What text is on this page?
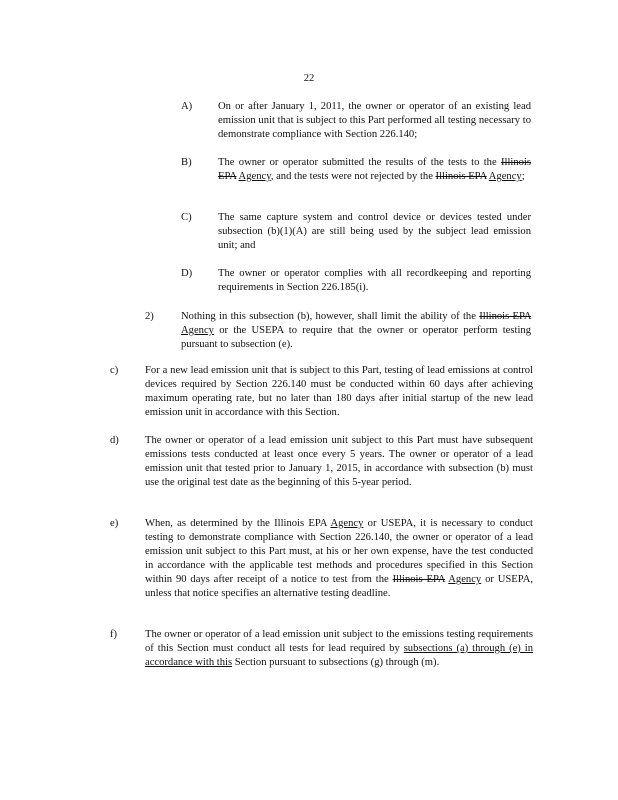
22
A) On or after January 1, 2011, the owner or operator of an existing lead emission unit that is subject to this Part performed all testing necessary to demonstrate compliance with Section 226.140;
B) The owner or operator submitted the results of the tests to the Illinois EPA Agency, and the tests were not rejected by the Illinois EPA Agency;
C) The same capture system and control device or devices tested under subsection (b)(1)(A) are still being used by the subject lead emission unit; and
D) The owner or operator complies with all recordkeeping and reporting requirements in Section 226.185(i).
2)	Nothing in this subsection (b), however, shall limit the ability of the Illinois EPA Agency or the USEPA to require that the owner or operator perform testing pursuant to subsection (e).
c)	For a new lead emission unit that is subject to this Part, testing of lead emissions at control devices required by Section 226.140 must be conducted within 60 days after achieving maximum operating rate, but no later than 180 days after initial startup of the new lead emission unit in accordance with this Section.
d) The owner or operator of a lead emission unit subject to this Part must have subsequent emissions tests conducted at least once every 5 years. The owner or operator of a lead emission unit that tested prior to January 1, 2015, in accordance with subsection (b) must use the original test date as the beginning of this 5-year period.
e)	When, as determined by the Illinois EPA Agency or USEPA, it is necessary to conduct testing to demonstrate compliance with Section 226.140, the owner or operator of a lead emission unit subject to this Part must, at his or her own expense, have the test conducted in accordance with the applicable test methods and procedures specified in this Section within 90 days after receipt of a notice to test from the Illinois EPA Agency or USEPA, unless that notice specifies an alternative testing deadline.
f)	The owner or operator of a lead emission unit subject to the emissions testing requirements of this Section must conduct all tests for lead required by subsections (a) through (e) in accordance with this Section pursuant to subsections (g) through (m).
